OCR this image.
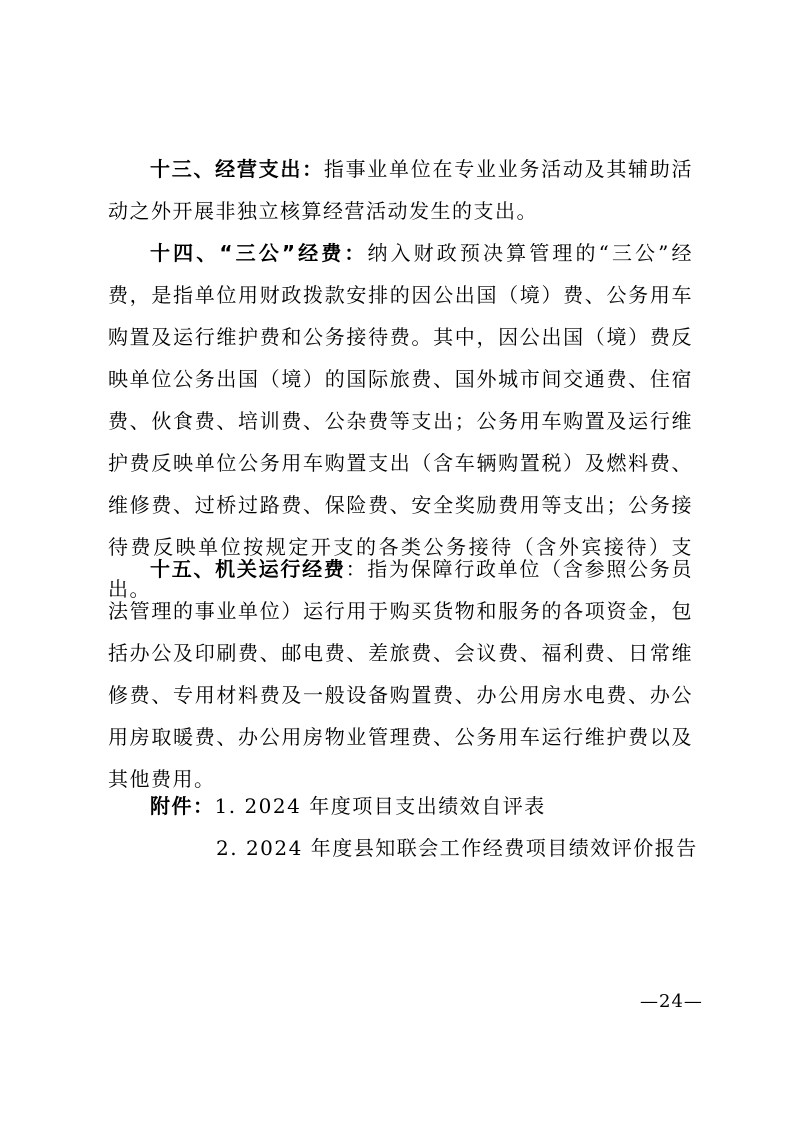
十三、经营支出：指事业单位在专业业务活动及其辅助活动之外开展非独立核算经营活动发生的支出。

十四、“三公”经费：纳入财政预决算管理的“三公”经费，是指单位用财政拨款安排的因公出国（境）费、公务用车购置及运行维护费和公务接待费。其中，因公出国（境）费反映单位公务出国（境）的国际旅费、国外城市间交通费、住宿费、伙食费、培训费、公杂费等支出；公务用车购置及运行维护费反映单位公务用车购置支出（含车辆购置税）及燃料费、维修费、过桥过路费、保险费、安全奖励费用等支出；公务接待费反映单位按规定开支的各类公务接待（含外宾接待）支出。

十五、机关运行经费：指为保障行政单位（含参照公务员法管理的事业单位）运行用于购买货物和服务的各项资金，包括办公及印刷费、邮电费、差旅费、会议费、福利费、日常维修费、专用材料费及一般设备购置费、办公用房水电费、办公用房取暖费、办公用房物业管理费、公务用车运行维护费以及其他费用。

附件：1. 2024 年度项目支出绩效自评表

2. 2024 年度县知联会工作经费项目绩效评价报告

—24—
